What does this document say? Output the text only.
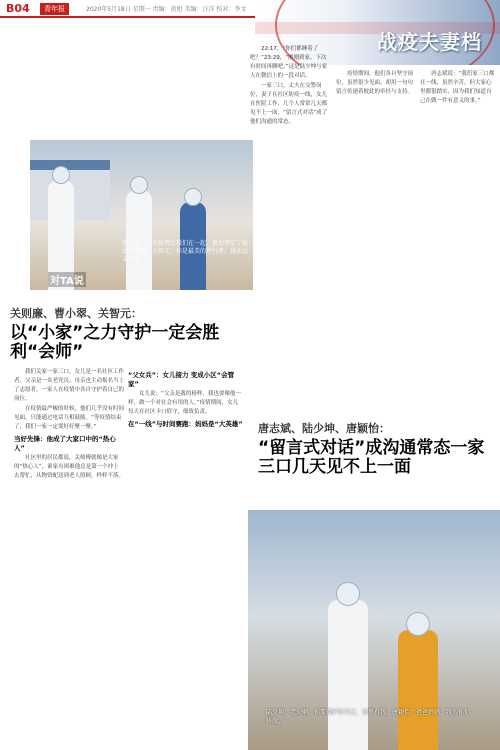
B04	青年报	2020年5月18日 星期一 责编：黄旭 美编：汪洋 校对：李文
战疫夫妻档
曹小萍：这次疫情让我们在一起，更加坚定了彼此的选择。关智元：你是最美的逆行者，我永远支持你。
对TA说
关则廉、曹小翠、关智元：
以“小家”之力守护一定会胜利“会师”

我们关家一家三口，女儿是一名社区工作者，父亲是一名老党员，母亲也主动报名当上了志愿者，一家人在疫情中各自守护着自己的岗位。

在疫情最严峻的时候，他们几乎没有时间见面，只能通过电话互相鼓励。“等疫情结束了，我们一家一定要好好聚一聚。”

当好先锋：他成了大家口中的“热心人”

社区里的居民都说，关师傅就像是大家的“热心人”，谁家有困难他总是第一个冲上去帮忙，从物资配送到老人照顾，样样不落。

“父女兵”：女儿接力 变成小区“会管家”

女儿说：“父亲是我的榜样，我也要像他一样，做一个对社会有用的人。”疫情期间，女儿每天在社区卡口值守，细致负责。

在“一线”与时间赛跑：妈妈是“大英雄”

22:17，“你们都睡着了吧？”23:29，“刚刚到家，下次有时间再聊吧。”这是陆少坤与家人在微信上的一段对话。

一家三口，丈夫在交警岗位，妻子在社区防疫一线，女儿在医院工作，几个人常常几天都见不上一面，“留言式对话”成了他们沟通的常态。

疫情期间，他们各自坚守岗位，虽然很少见面，却用一句句留言传递着彼此的牵挂与支持。

唐志斌说：“我们家三口都在一线，虽然辛苦，但大家心里都很踏实，因为我们知道自己在做一件有意义的事。”

唐志斌、陆少坤、唐颖怡：
“留言式对话”成沟通常态一家三口几天见不上一面
陆少坤：老公啊，你要保护好自己，家里有我。唐颖怡：爸爸妈妈，我为你们骄傲。
